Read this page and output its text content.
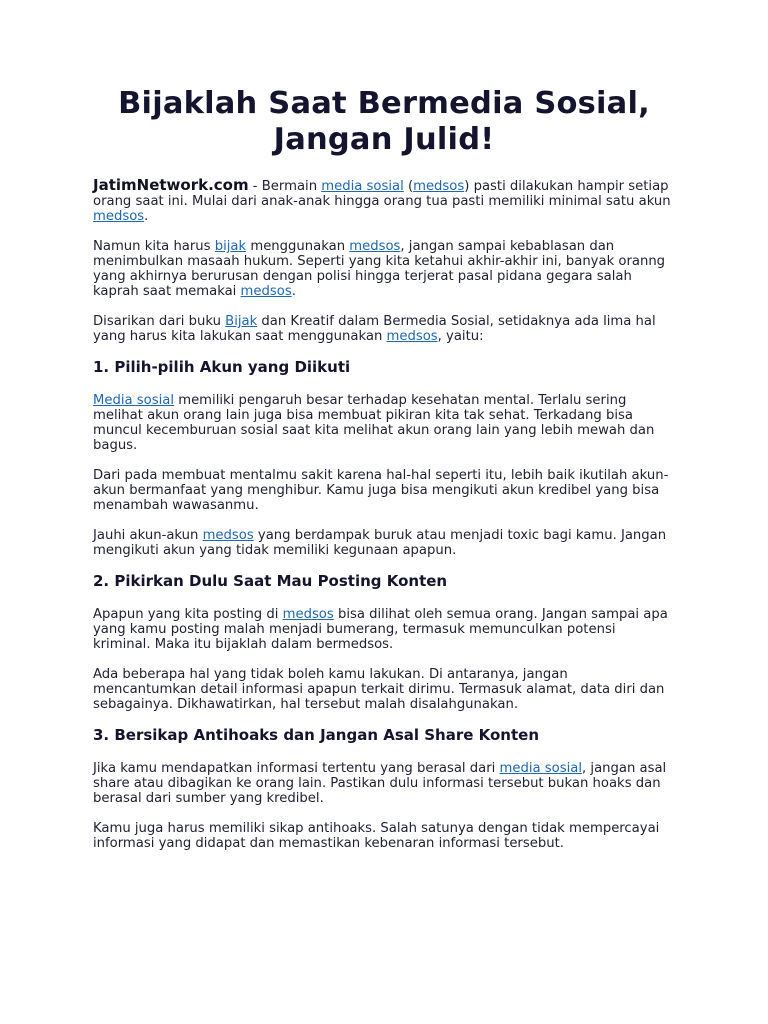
Bijaklah Saat Bermedia Sosial,
Jangan Julid!

JatimNetwork.com - Bermain media sosial (medsos) pasti dilakukan hampir setiap orang saat ini. Mulai dari anak-anak hingga orang tua pasti memiliki minimal satu akun medsos.

Namun kita harus bijak menggunakan medsos, jangan sampai kebablasan dan menimbulkan masaah hukum. Seperti yang kita ketahui akhir-akhir ini, banyak oranng yang akhirnya berurusan dengan polisi hingga terjerat pasal pidana gegara salah kaprah saat memakai medsos.

Disarikan dari buku Bijak dan Kreatif dalam Bermedia Sosial, setidaknya ada lima hal yang harus kita lakukan saat menggunakan medsos, yaitu:

1. Pilih-pilih Akun yang Diikuti

Media sosial memiliki pengaruh besar terhadap kesehatan mental. Terlalu sering melihat akun orang lain juga bisa membuat pikiran kita tak sehat. Terkadang bisa muncul kecemburuan sosial saat kita melihat akun orang lain yang lebih mewah dan bagus.

Dari pada membuat mentalmu sakit karena hal-hal seperti itu, lebih baik ikutilah akun-akun bermanfaat yang menghibur. Kamu juga bisa mengikuti akun kredibel yang bisa menambah wawasanmu.

Jauhi akun-akun medsos yang berdampak buruk atau menjadi toxic bagi kamu. Jangan mengikuti akun yang tidak memiliki kegunaan apapun.

2. Pikirkan Dulu Saat Mau Posting Konten

Apapun yang kita posting di medsos bisa dilihat oleh semua orang. Jangan sampai apa yang kamu posting malah menjadi bumerang, termasuk memunculkan potensi kriminal. Maka itu bijaklah dalam bermedsos.

Ada beberapa hal yang tidak boleh kamu lakukan. Di antaranya, jangan mencantumkan detail informasi apapun terkait dirimu. Termasuk alamat, data diri dan sebagainya. Dikhawatirkan, hal tersebut malah disalahgunakan.

3. Bersikap Antihoaks dan Jangan Asal Share Konten

Jika kamu mendapatkan informasi tertentu yang berasal dari media sosial, jangan asal share atau dibagikan ke orang lain. Pastikan dulu informasi tersebut bukan hoaks dan berasal dari sumber yang kredibel.

Kamu juga harus memiliki sikap antihoaks. Salah satunya dengan tidak mempercayai informasi yang didapat dan memastikan kebenaran informasi tersebut.
